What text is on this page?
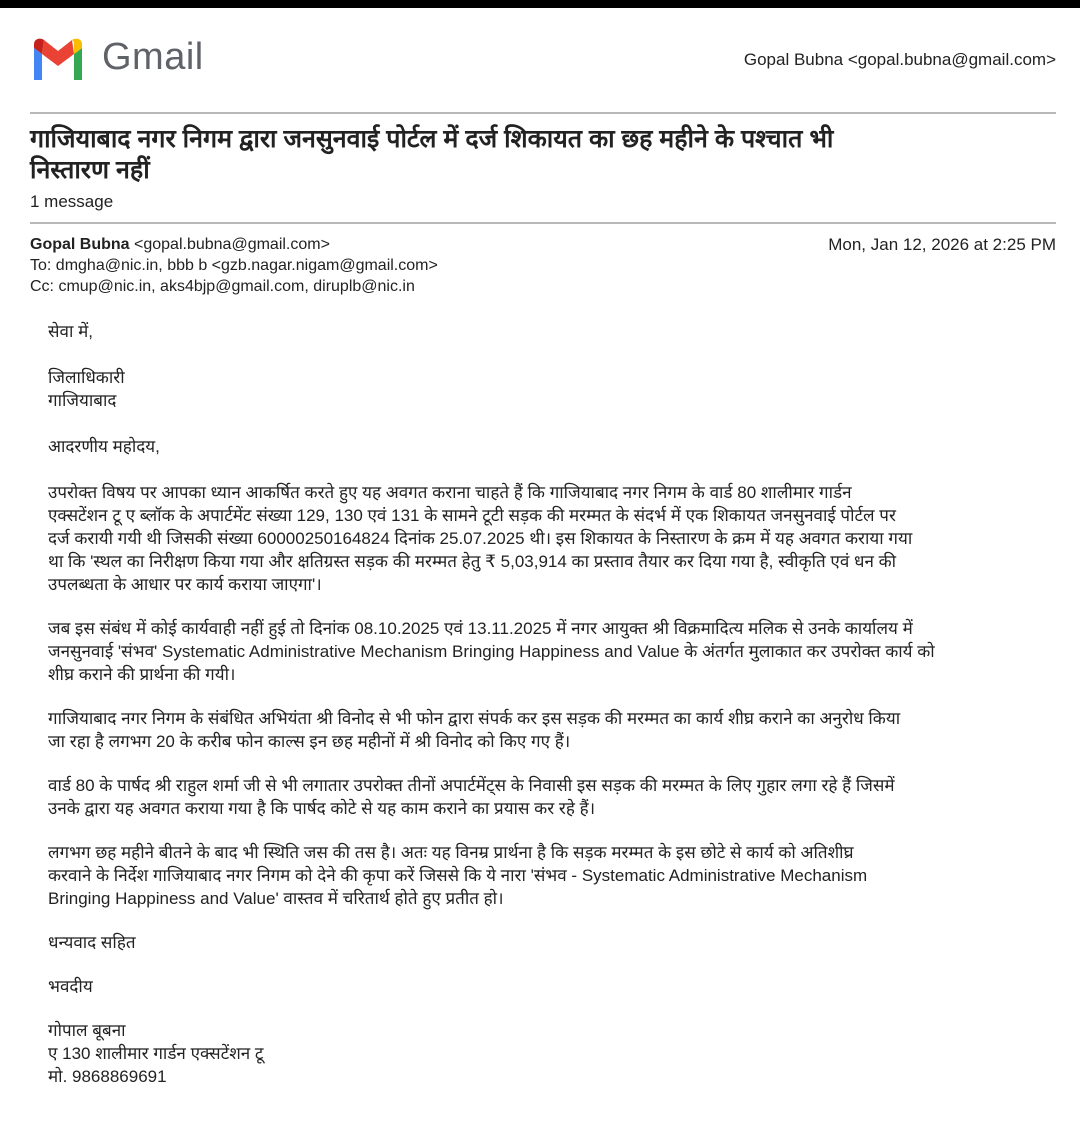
Gmail	Gopal Bubna <gopal.bubna@gmail.com>
गाजियाबाद नगर निगम द्वारा जनसुनवाई पोर्टल में दर्ज शिकायत का छह महीने के पश्चात भी
निस्तारण नहीं
1 message
Gopal Bubna <gopal.bubna@gmail.com>	Mon, Jan 12, 2026 at 2:25 PM
To: dmgha@nic.in, bbb b <gzb.nagar.nigam@gmail.com>
Cc: cmup@nic.in, aks4bjp@gmail.com, diruplb@nic.in

सेवा में,

जिलाधिकारी

गाजियाबाद

आदरणीय महोदय,

उपरोक्त विषय पर आपका ध्यान आकर्षित करते हुए यह अवगत कराना चाहते हैं कि गाजियाबाद नगर निगम के वार्ड 80 शालीमार गार्डन

एक्सटेंशन टू ए ब्लॉक के अपार्टमेंट संख्या 129, 130 एवं 131 के सामने टूटी सड़क की मरम्मत के संदर्भ में एक शिकायत जनसुनवाई पोर्टल पर

दर्ज करायी गयी थी जिसकी संख्या 60000250164824 दिनांक 25.07.2025 थी। इस शिकायत के निस्तारण के क्रम में यह अवगत कराया गया

था कि 'स्थल का निरीक्षण किया गया और क्षतिग्रस्त सड़क की मरम्मत हेतु ₹ 5,03,914 का प्रस्ताव तैयार कर दिया गया है, स्वीकृति एवं धन की

उपलब्धता के आधार पर कार्य कराया जाएगा'।

जब इस संबंध में कोई कार्यवाही नहीं हुई तो दिनांक 08.10.2025 एवं 13.11.2025 में नगर आयुक्त श्री विक्रमादित्य मलिक से उनके कार्यालय में

जनसुनवाई 'संभव' Systematic Administrative Mechanism Bringing Happiness and Value के अंतर्गत मुलाकात कर उपरोक्त कार्य को

शीघ्र कराने की प्रार्थना की गयी।

गाजियाबाद नगर निगम के संबंधित अभियंता श्री विनोद से भी फोन द्वारा संपर्क कर इस सड़क की मरम्मत का कार्य शीघ्र कराने का अनुरोध किया

जा रहा है लगभग 20 के करीब फोन काल्स इन छह महीनों में श्री विनोद को किए गए हैं।

वार्ड 80 के पार्षद श्री राहुल शर्मा जी से भी लगातार उपरोक्त तीनों अपार्टमेंट्स के निवासी इस सड़क की मरम्मत के लिए गुहार लगा रहे हैं जिसमें

उनके द्वारा यह अवगत कराया गया है कि पार्षद कोटे से यह काम कराने का प्रयास कर रहे हैं।

लगभग छह महीने बीतने के बाद भी स्थिति जस की तस है। अतः यह विनम्र प्रार्थना है कि सड़क मरम्मत के इस छोटे से कार्य को अतिशीघ्र

करवाने के निर्देश गाजियाबाद नगर निगम को देने की कृपा करें जिससे कि ये नारा 'संभव - Systematic Administrative Mechanism

Bringing Happiness and Value' वास्तव में चरितार्थ होते हुए प्रतीत हो।

धन्यवाद सहित

भवदीय

गोपाल बूबना

ए 130 शालीमार गार्डन एक्सटेंशन टू

मो. 9868869691
